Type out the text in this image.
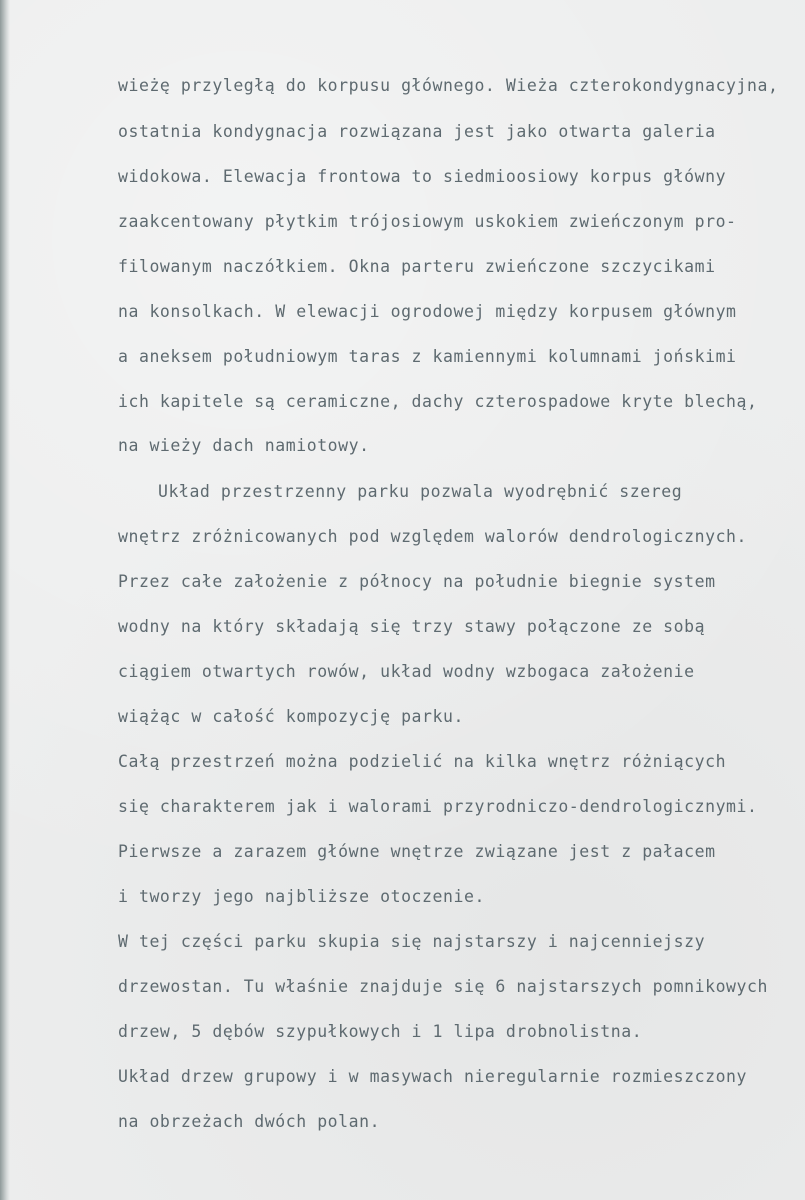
wieżę przyległą do korpusu głównego. Wieża czterokondygnacyjna,

ostatnia kondygnacja rozwiązana jest jako otwarta galeria

widokowa. Elewacja frontowa to siedmioosiowy korpus główny

zaakcentowany płytkim trójosiowym uskokiem zwieńczonym pro-

filowanym naczółkiem. Okna parteru zwieńczone szczycikami

na konsolkach. W elewacji ogrodowej między korpusem głównym

a aneksem południowym taras z kamiennymi kolumnami jońskimi

ich kapitele są ceramiczne, dachy czterospadowe kryte blechą,

na wieży dach namiotowy.

Układ przestrzenny parku pozwala wyodrębnić szereg

wnętrz zróżnicowanych pod względem walorów dendrologicznych.

Przez całe założenie z północy na południe biegnie system

wodny na który składają się trzy stawy połączone ze sobą

ciągiem otwartych rowów, układ wodny wzbogaca założenie

wiążąc w całość kompozycję parku.

Całą przestrzeń można podzielić na kilka wnętrz różniących

się charakterem jak i walorami przyrodniczo-dendrologicznymi.

Pierwsze a zarazem główne wnętrze związane jest z pałacem

i tworzy jego najbliższe otoczenie.

W tej części parku skupia się najstarszy i najcenniejszy

drzewostan. Tu właśnie znajduje się 6 najstarszych pomnikowych

drzew, 5 dębów szypułkowych i 1 lipa drobnolistna.

Układ drzew grupowy i w masywach nieregularnie rozmieszczony

na obrzeżach dwóch polan.
